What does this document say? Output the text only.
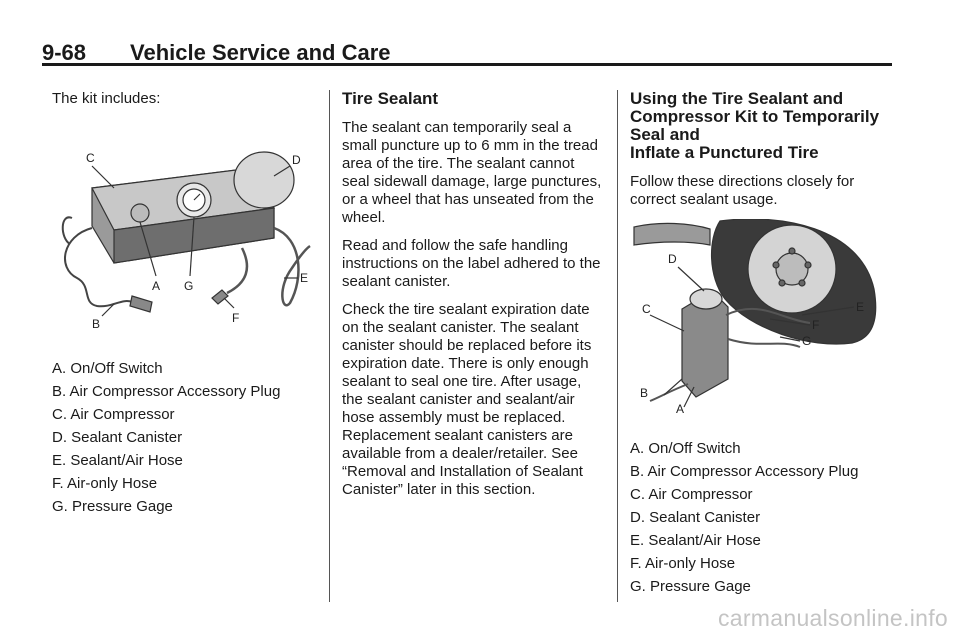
9-68 Vehicle Service and Care

The kit includes:

C	D
A G
E
B	F
A. On/Off Switch
B. Air Compressor Accessory Plug
C. Air Compressor
D. Sealant Canister
E. Sealant/Air Hose
F. Air-only Hose
G. Pressure Gage
Tire Sealant

The sealant can temporarily seal a small puncture up to 6 mm in the tread area of the tire. The sealant cannot seal sidewall damage, large punctures, or a wheel that has unseated from the wheel.

Read and follow the safe handling instructions on the label adhered to the sealant canister.

Check the tire sealant expiration date on the sealant canister. The sealant canister should be replaced before its expiration date. There is only enough sealant to seal one tire. After usage, the sealant canister and sealant/air hose assembly must be replaced. Replacement sealant canisters are available from a dealer/retailer. See “Removal and Installation of Sealant Canister” later in this section.

Using the Tire Sealant and Compressor Kit to Temporarily Seal and
Inflate a Punctured Tire

Follow these directions closely for correct sealant usage.

D
C	E
F
G
B
A
A. On/Off Switch
B. Air Compressor Accessory Plug
C. Air Compressor
D. Sealant Canister
E. Sealant/Air Hose
F. Air-only Hose
G. Pressure Gage
carmanualsonline.info
